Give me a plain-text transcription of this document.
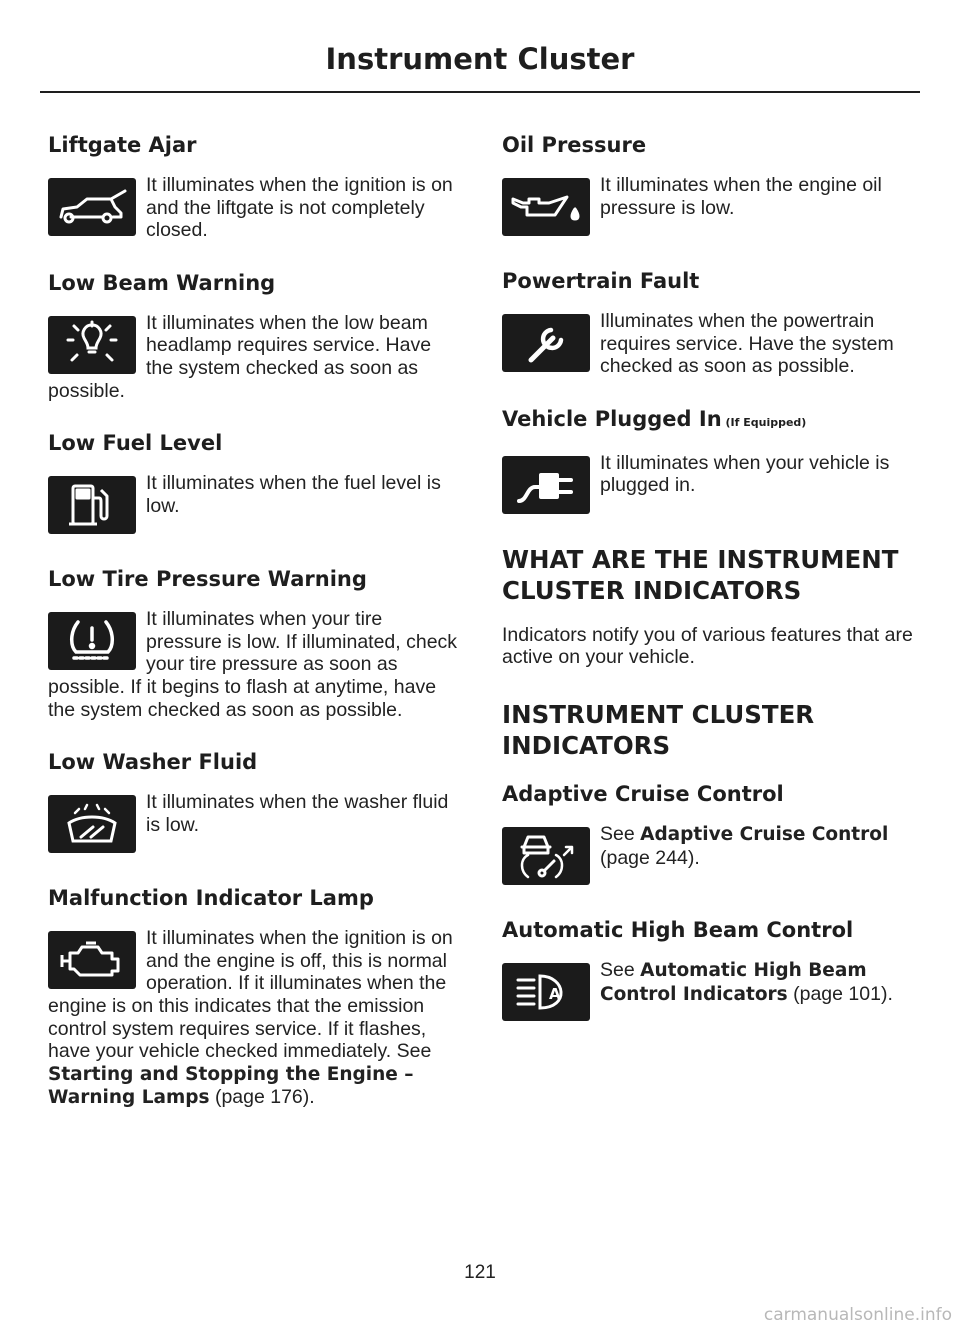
Instrument Cluster
Liftgate Ajar

It illuminates when the ignition is on and the liftgate is not completely closed.

Low Beam Warning

It illuminates when the low beam headlamp requires service. Have the system checked as soon as possible.

Low Fuel Level

It illuminates when the fuel level is low.

Low Tire Pressure Warning

It illuminates when your tire pressure is low. If illuminated, check your tire pressure as soon as possible. If it begins to flash at anytime, have the system checked as soon as possible.

Low Washer Fluid

It illuminates when the washer fluid is low.

Malfunction Indicator Lamp

It illuminates when the ignition is on and the engine is off, this is normal operation. If it illuminates when the engine is on this indicates that the emission control system requires service. If it flashes, have your vehicle checked immediately. See Starting and Stopping the Engine – Warning Lamps (page 176).

Oil Pressure

It illuminates when the engine oil pressure is low.

Powertrain Fault

Illuminates when the powertrain requires service. Have the system checked as soon as possible.

Vehicle Plugged In (If Equipped)

It illuminates when your vehicle is plugged in.

WHAT ARE THE INSTRUMENT CLUSTER INDICATORS

Indicators notify you of various features that are active on your vehicle.

INSTRUMENT CLUSTER INDICATORS
Adaptive Cruise Control

See Adaptive Cruise Control (page 244).

Automatic High Beam Control
A

See Automatic High Beam Control Indicators (page 101).

121
carmanualsonline.info
